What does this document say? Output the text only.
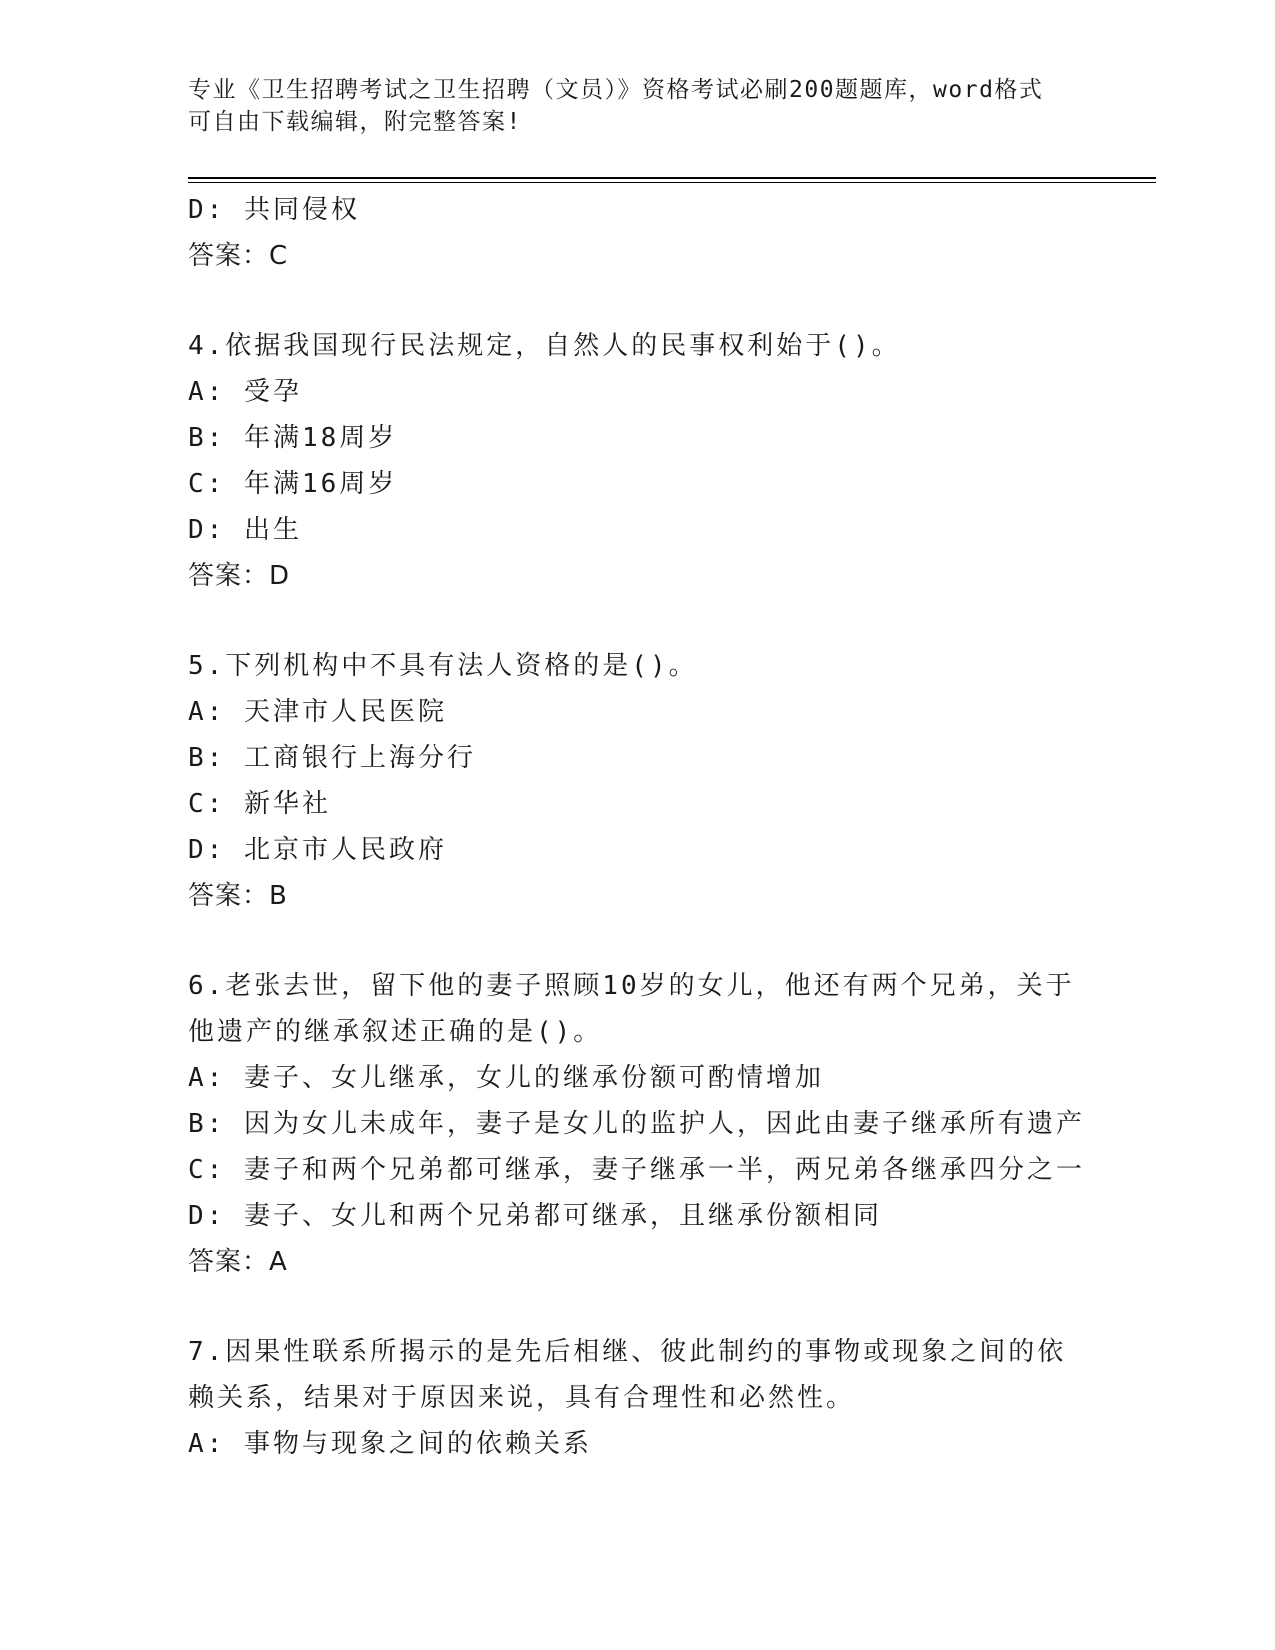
专业《卫生招聘考试之卫生招聘（文员）》资格考试必刷200题题库，word格式
可自由下载编辑，附完整答案!
D: 共同侵权
答案：C
4.依据我国现行民法规定，自然人的民事权利始于()。
A: 受孕
B: 年满18周岁
C: 年满16周岁
D: 出生
答案：D
5.下列机构中不具有法人资格的是()。
A: 天津市人民医院
B: 工商银行上海分行
C: 新华社
D: 北京市人民政府
答案：B
6.老张去世，留下他的妻子照顾10岁的女儿，他还有两个兄弟，关于
他遗产的继承叙述正确的是()。
A: 妻子、女儿继承，女儿的继承份额可酌情增加
B: 因为女儿未成年，妻子是女儿的监护人，因此由妻子继承所有遗产
C: 妻子和两个兄弟都可继承，妻子继承一半，两兄弟各继承四分之一
D: 妻子、女儿和两个兄弟都可继承，且继承份额相同
答案：A
7.因果性联系所揭示的是先后相继、彼此制约的事物或现象之间的依
赖关系，结果对于原因来说，具有合理性和必然性。
A: 事物与现象之间的依赖关系
